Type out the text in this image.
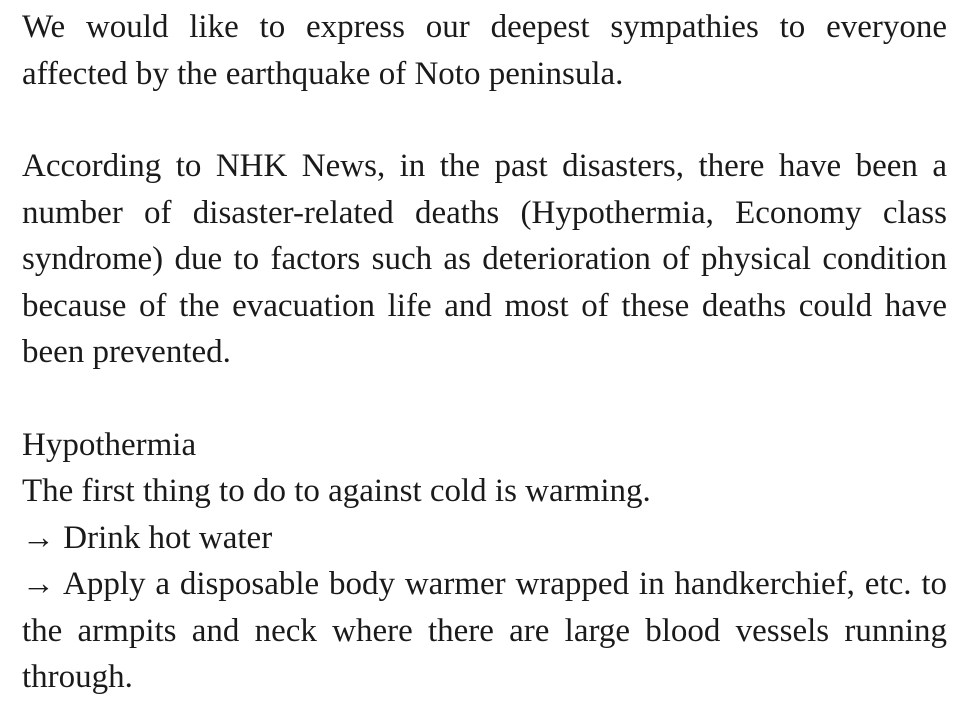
We would like to express our deepest sympathies to everyone affected by the earthquake of Noto peninsula.

According to NHK News, in the past disasters, there have been a number of disaster-related deaths (Hypothermia, Economy class syndrome) due to factors such as deterioration of physical condition because of the evacuation life and most of these deaths could have been prevented.

Hypothermia

The first thing to do to against cold is warming.

→ Drink hot water

→ Apply a disposable body warmer wrapped in handkerchief, etc. to the armpits and neck where there are large blood vessels running through.
